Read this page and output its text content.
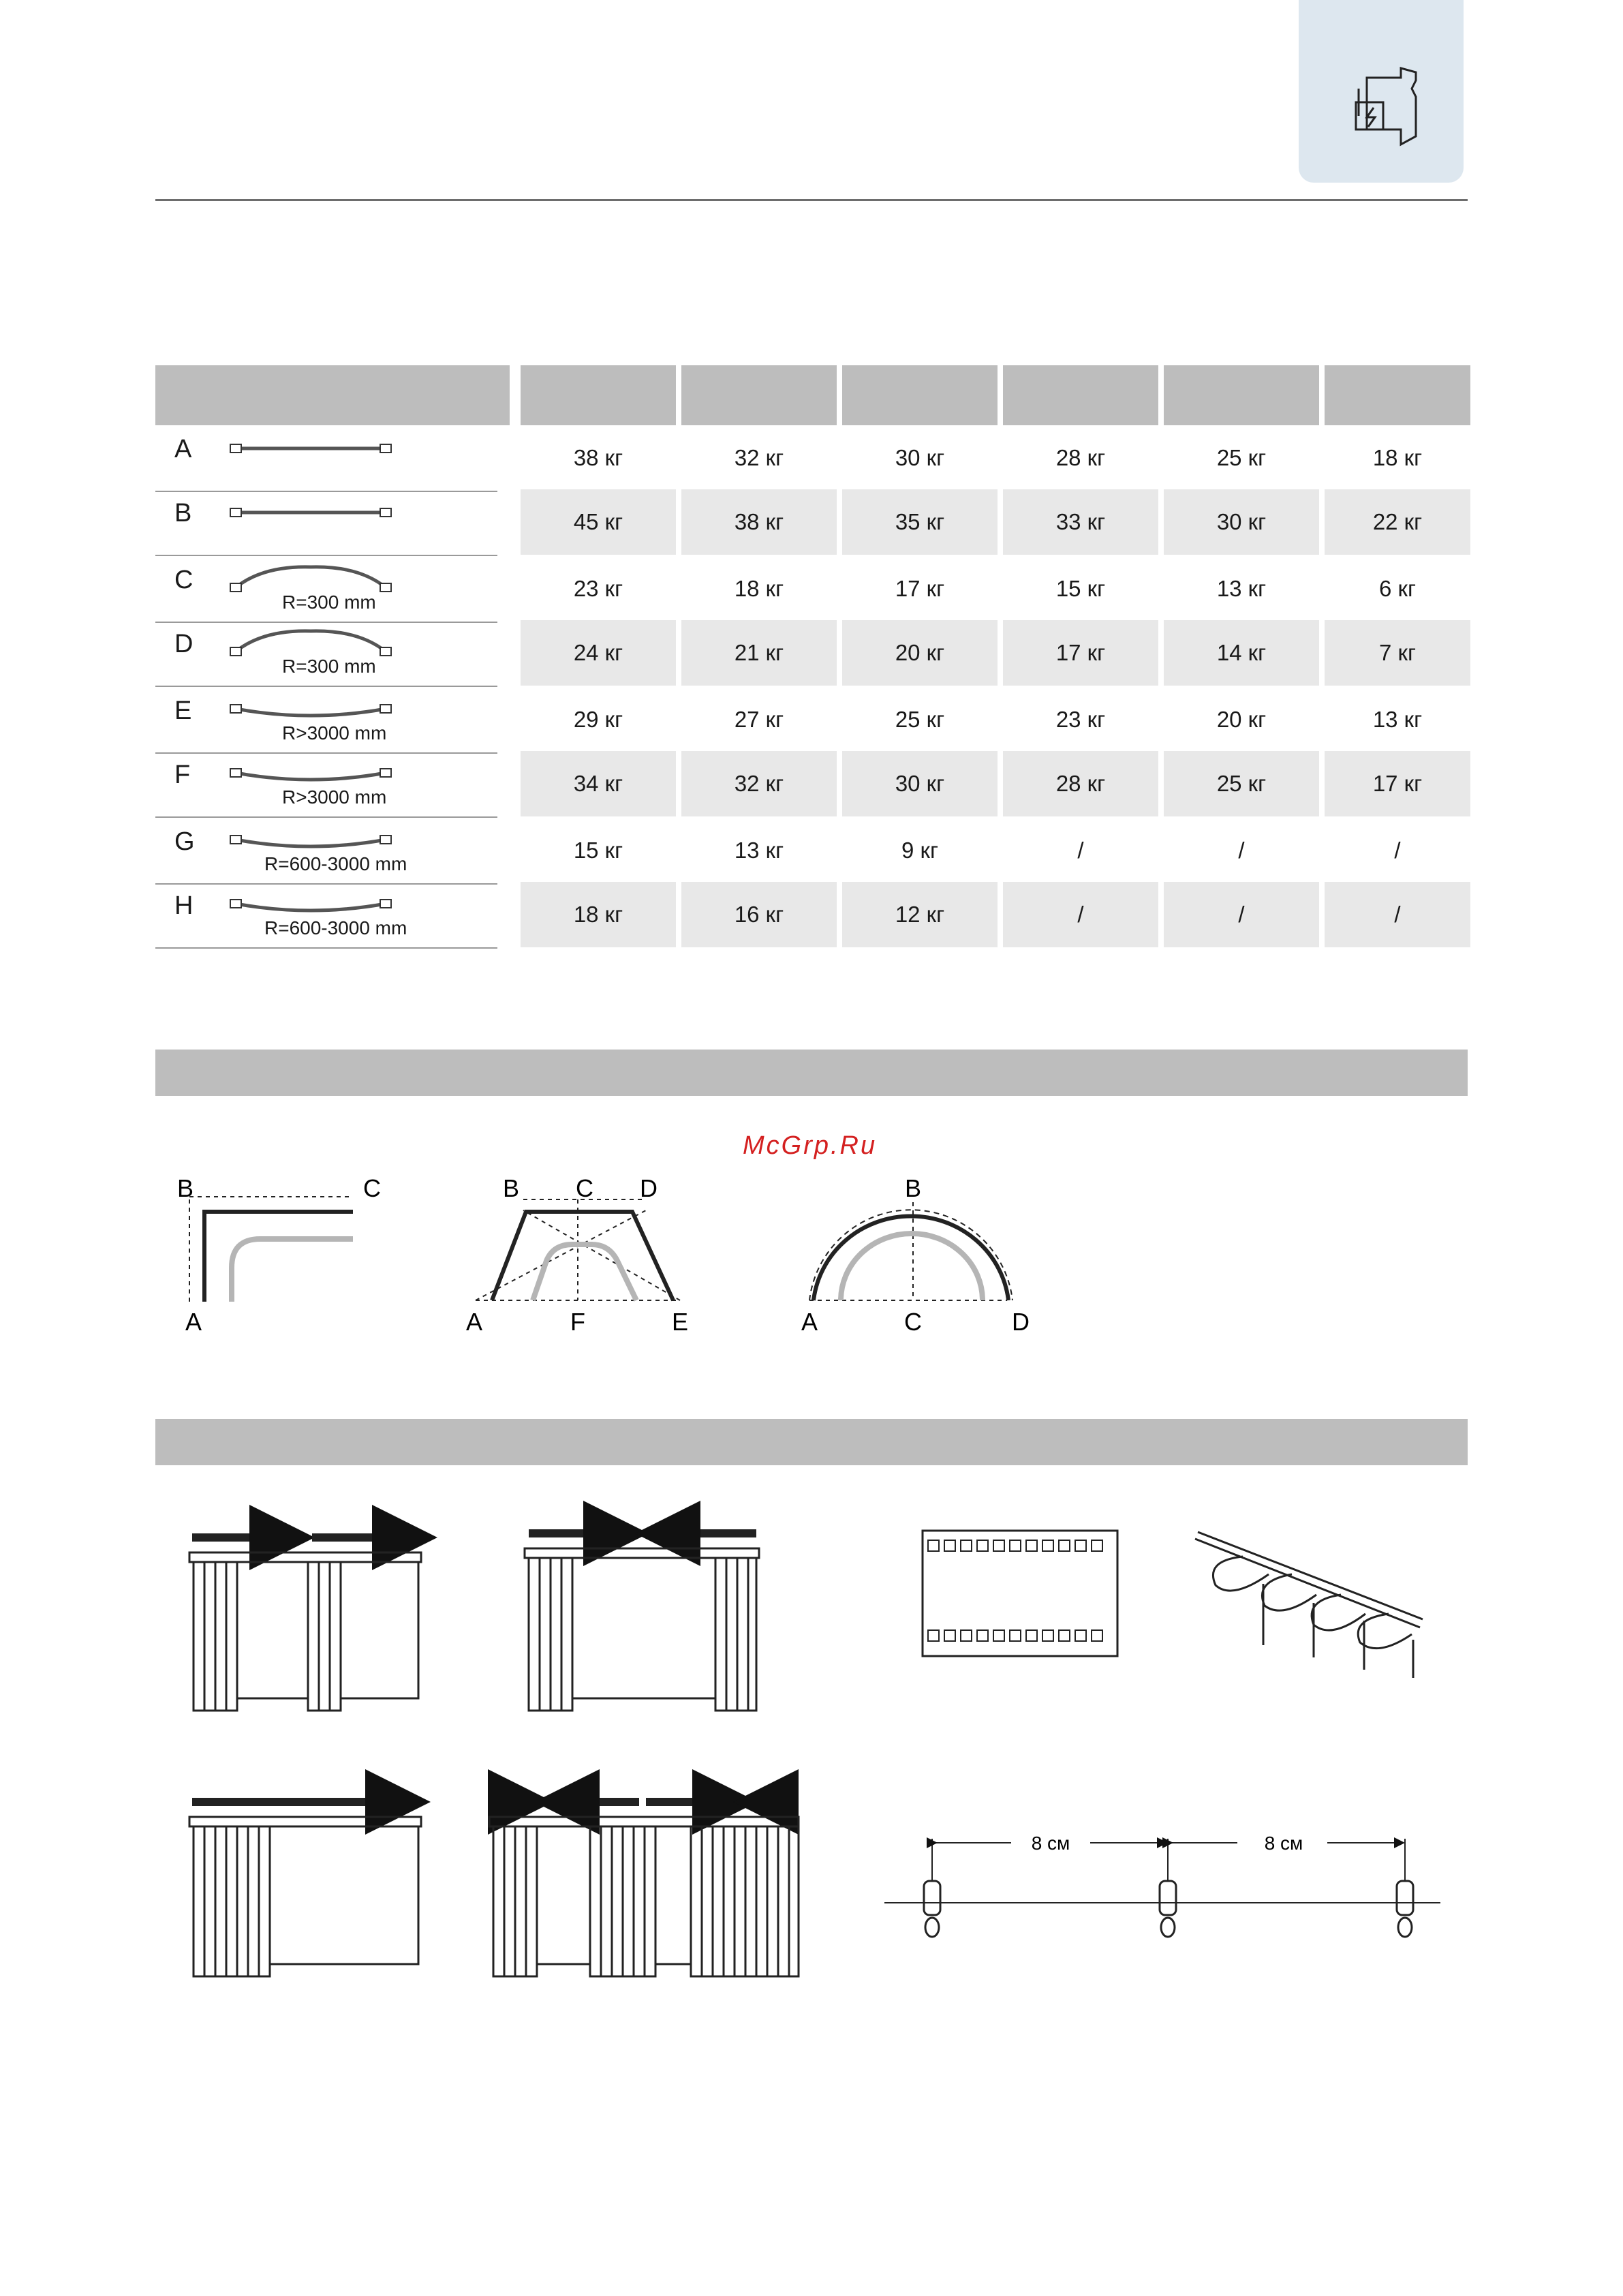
A	38 кг	32 кг	30 кг	28 кг	25 кг	18 кг
B	45 кг	38 кг	35 кг	33 кг	30 кг	22 кг
C
R=300 mm
23 кг	18 кг	17 кг	15 кг	13 кг	6 кг
D
R=300 mm
24 кг	21 кг	20 кг	17 кг	14 кг	7 кг
E
R>3000 mm
29 кг	27 кг	25 кг	23 кг	20 кг	13 кг
F
R>3000 mm
34 кг	32 кг	30 кг	28 кг	25 кг	17 кг
G
R=600-3000 mm
15 кг	13 кг	9 кг	/	/	/
H
R=600-3000 mm
18 кг	16 кг	12 кг	/	/	/
McGrp.Ru
B	C
A
B C D
A	F	E
B
A	C	D
8 см	8 см
